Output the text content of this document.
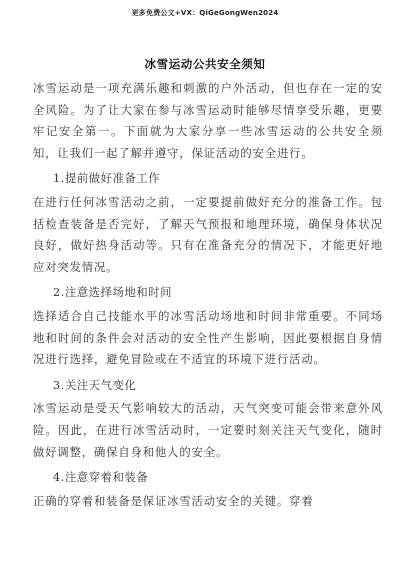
更多免费公文+VX：QiGeGongWen2024
冰雪运动公共安全须知

冰雪运动是一项充满乐趣和刺激的户外活动，但也存在一定的安全风险。为了让大家在参与冰雪运动时能够尽情享受乐趣，更要牢记安全第一。下面就为大家分享一些冰雪运动的公共安全须知，让我们一起了解并遵守，保证活动的安全进行。

1.提前做好准备工作

在进行任何冰雪活动之前，一定要提前做好充分的准备工作。包括检查装备是否完好，了解天气预报和地理环境，确保身体状况良好，做好热身活动等。只有在准备充分的情况下，才能更好地应对突发情况。

2.注意选择场地和时间

选择适合自己技能水平的冰雪活动场地和时间非常重要。不同场地和时间的条件会对活动的安全性产生影响，因此要根据自身情况进行选择，避免冒险或在不适宜的环境下进行活动。

3.关注天气变化

冰雪运动是受天气影响较大的活动，天气突变可能会带来意外风险。因此，在进行冰雪活动时，一定要时刻关注天气变化，随时做好调整，确保自身和他人的安全。

4.注意穿着和装备

正确的穿着和装备是保证冰雪活动安全的关键。穿着
